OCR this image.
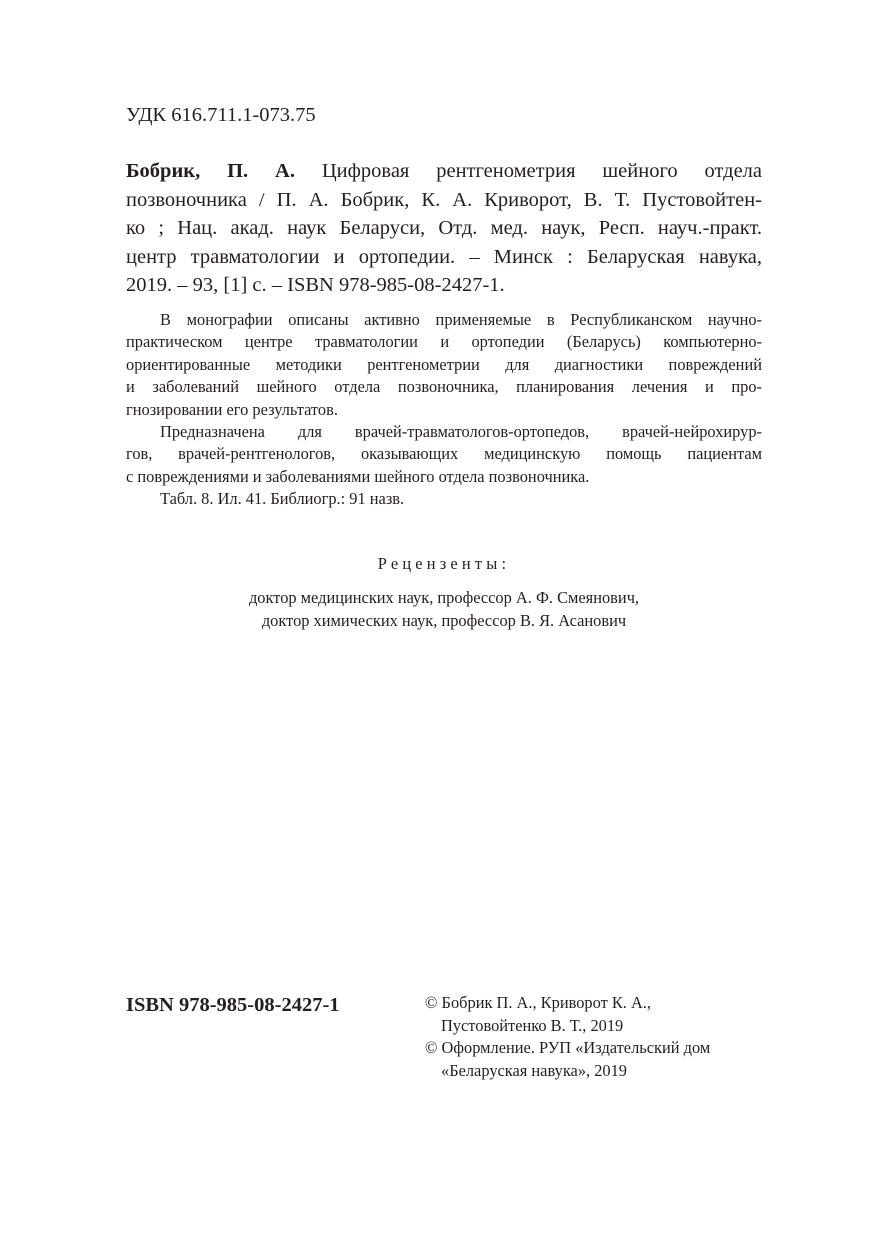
УДК 616.711.1-073.75
Бобрик, П. А. Цифровая рентгенометрия шейного отдела
позвоночника / П. А. Бобрик, К. А. Криворот, В. Т. Пустовойтен-
ко ; Нац. акад. наук Беларуси, Отд. мед. наук, Респ. науч.-практ.
центр травматологии и ортопедии. – Минск : Беларуская навука,
2019. – 93, [1] с. – ISBN 978-985-08-2427-1.
В монографии описаны активно применяемые в Республиканском научно-
практическом центре травматологии и ортопедии (Беларусь) компьютерно-
ориентированные методики рентгенометрии для диагностики повреждений
и заболеваний шейного отдела позвоночника, планирования лечения и про-
гнозировании его результатов.
Предназначена для врачей-травматологов-ортопедов, врачей-нейрохирур-
гов, врачей-рентгенологов, оказывающих медицинскую помощь пациентам
с повреждениями и заболеваниями шейного отдела позвоночника.
Табл. 8. Ил. 41. Библиогр.: 91 назв.
Рецензенты:
доктор медицинских наук, профессор А. Ф. Смеянович,
доктор химических наук, профессор В. Я. Асанович
ISBN 978-985-08-2427-1	© Бобрик П. А., Криворот К. А.,
Пустовойтенко В. Т., 2019
© Оформление. РУП «Издательский дом
«Беларуская навука», 2019
